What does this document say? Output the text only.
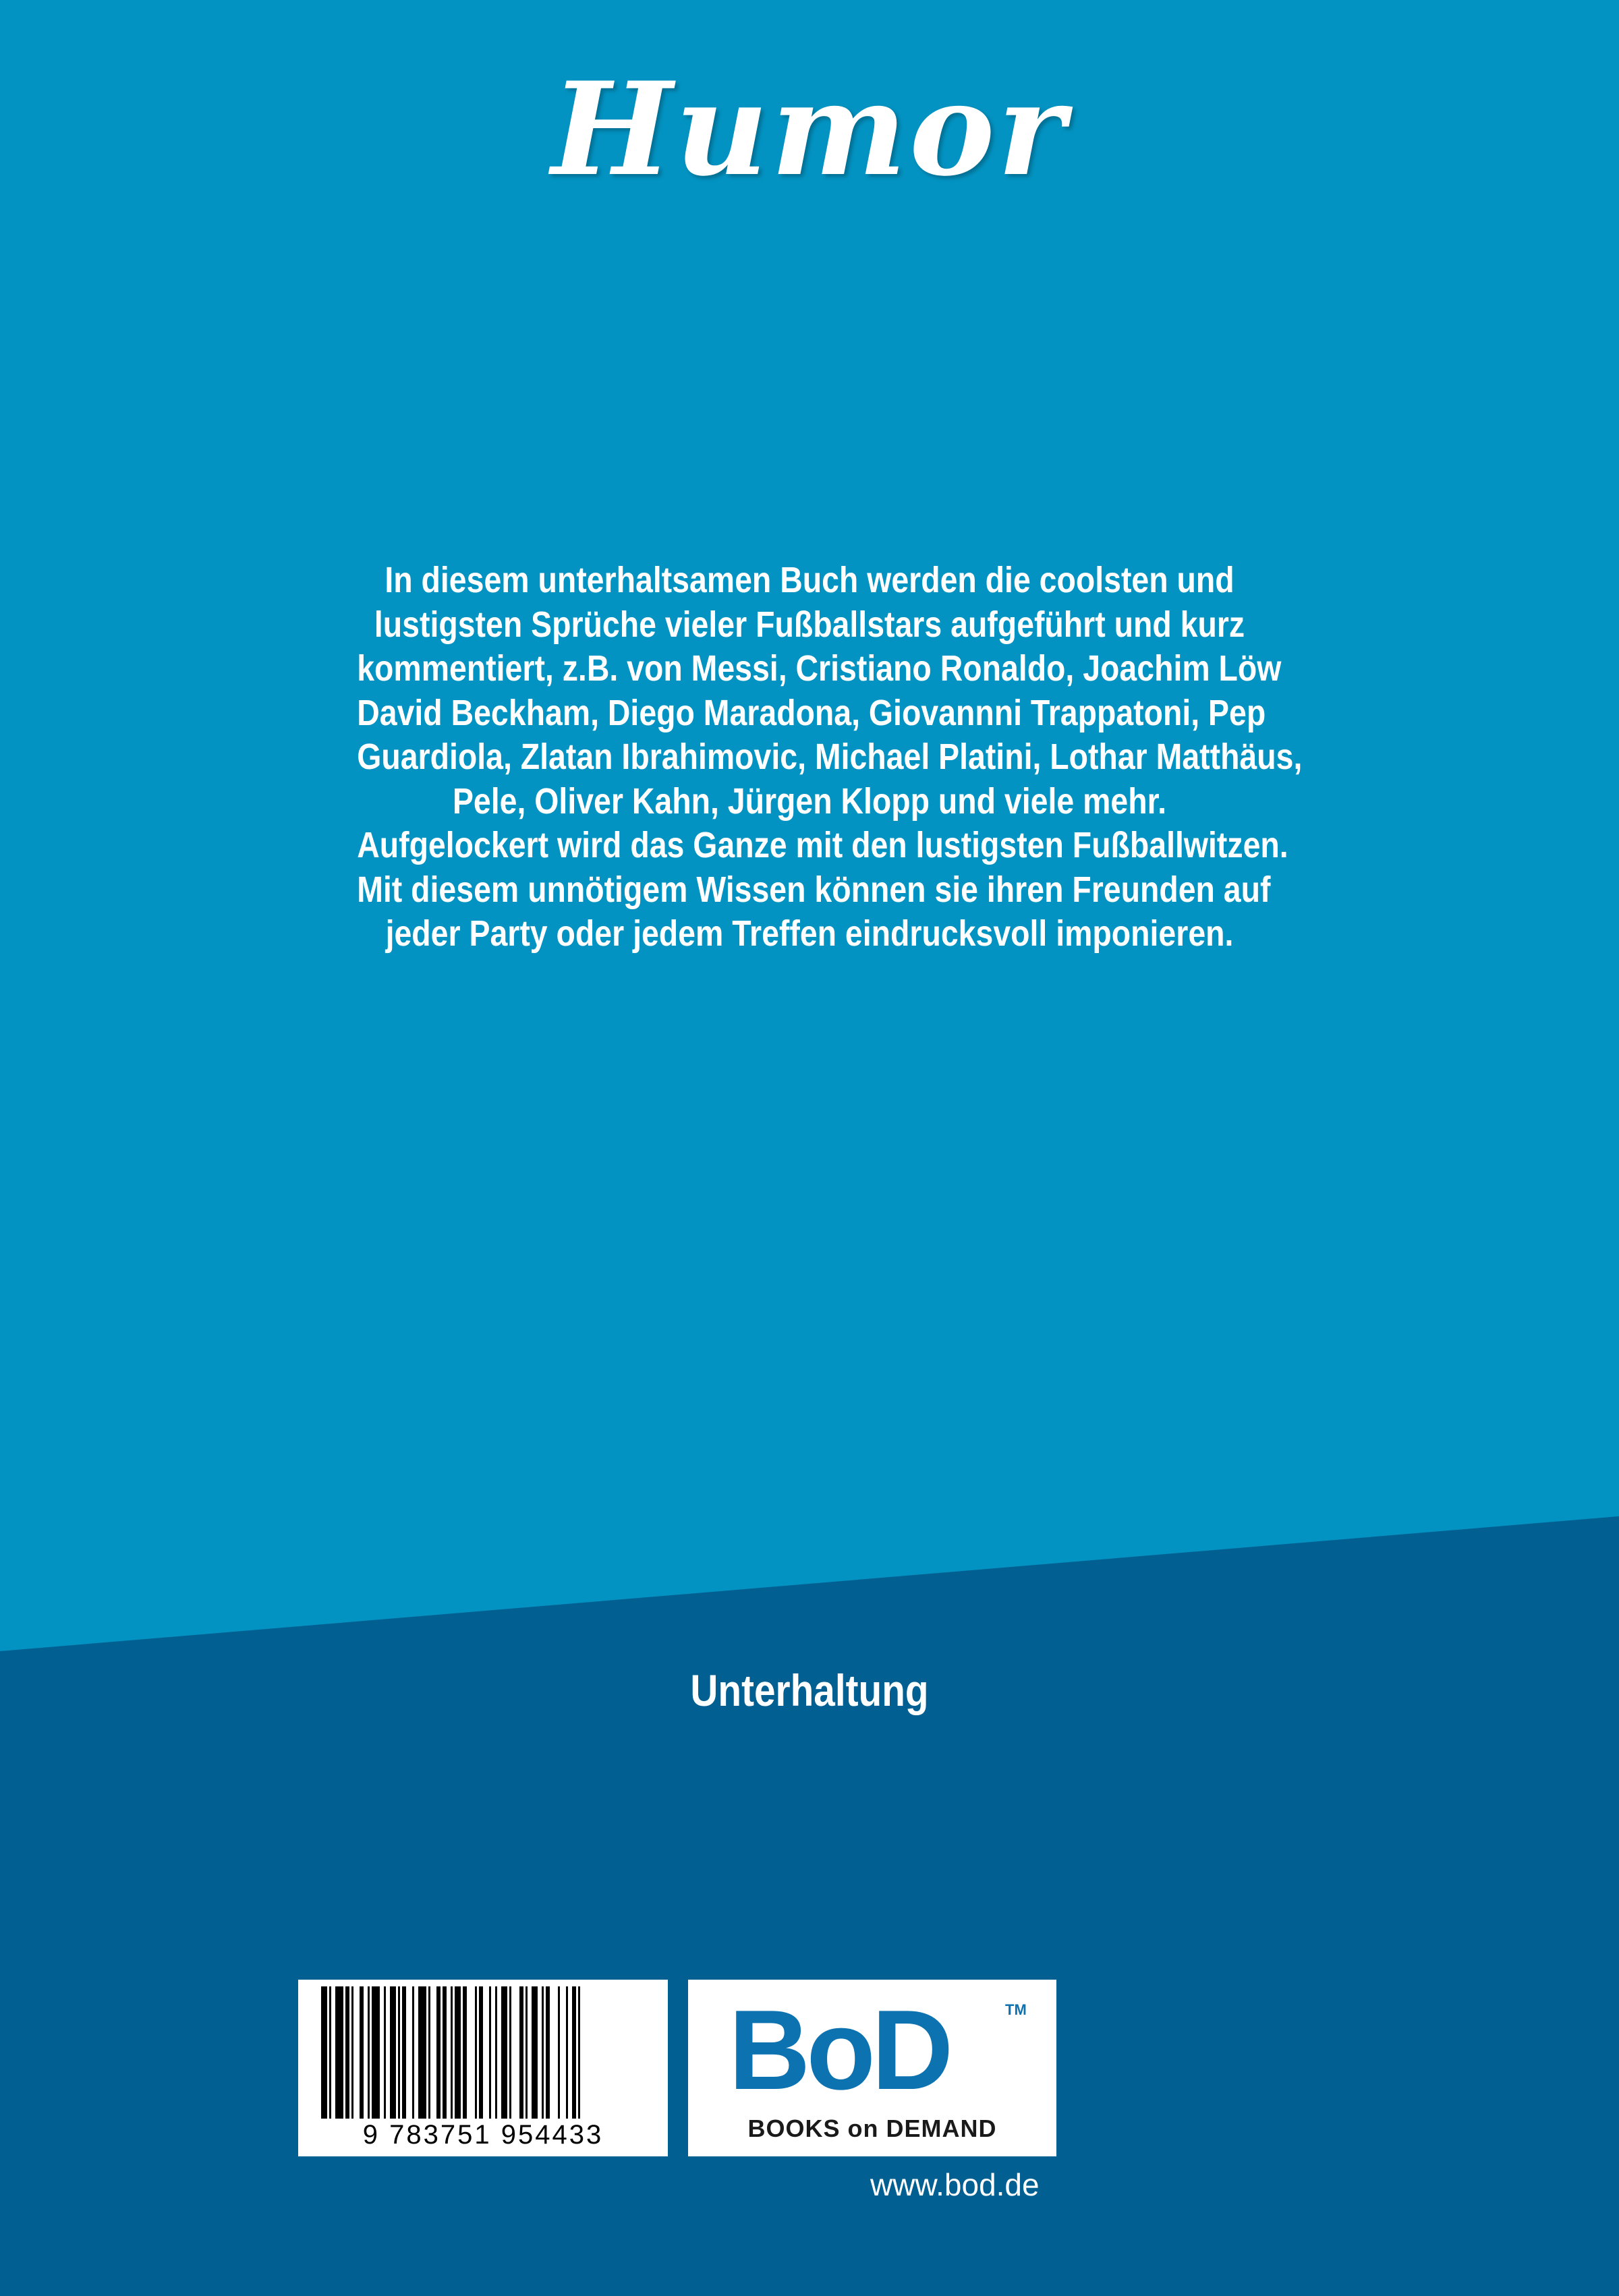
Humor
In diesem unterhaltsamen Buch werden die coolsten und
lustigsten Sprüche vieler Fußballstars aufgeführt und kurz
kommentiert, z.B. von Messi, Cristiano Ronaldo, Joachim Löw
David Beckham, Diego Maradona, Giovannni Trappatoni, Pep
Guardiola, Zlatan Ibrahimovic, Michael Platini, Lothar Matthäus,
Pele, Oliver Kahn, Jürgen Klopp und viele mehr.
Aufgelockert wird das Ganze mit den lustigsten Fußballwitzen.
Mit diesem unnötigem Wissen können sie ihren Freunden auf
jeder Party oder jedem Treffen eindrucksvoll imponieren.
Unterhaltung
9 783751 954433
BoD	TM
BOOKS on DEMAND
www.bod.de
